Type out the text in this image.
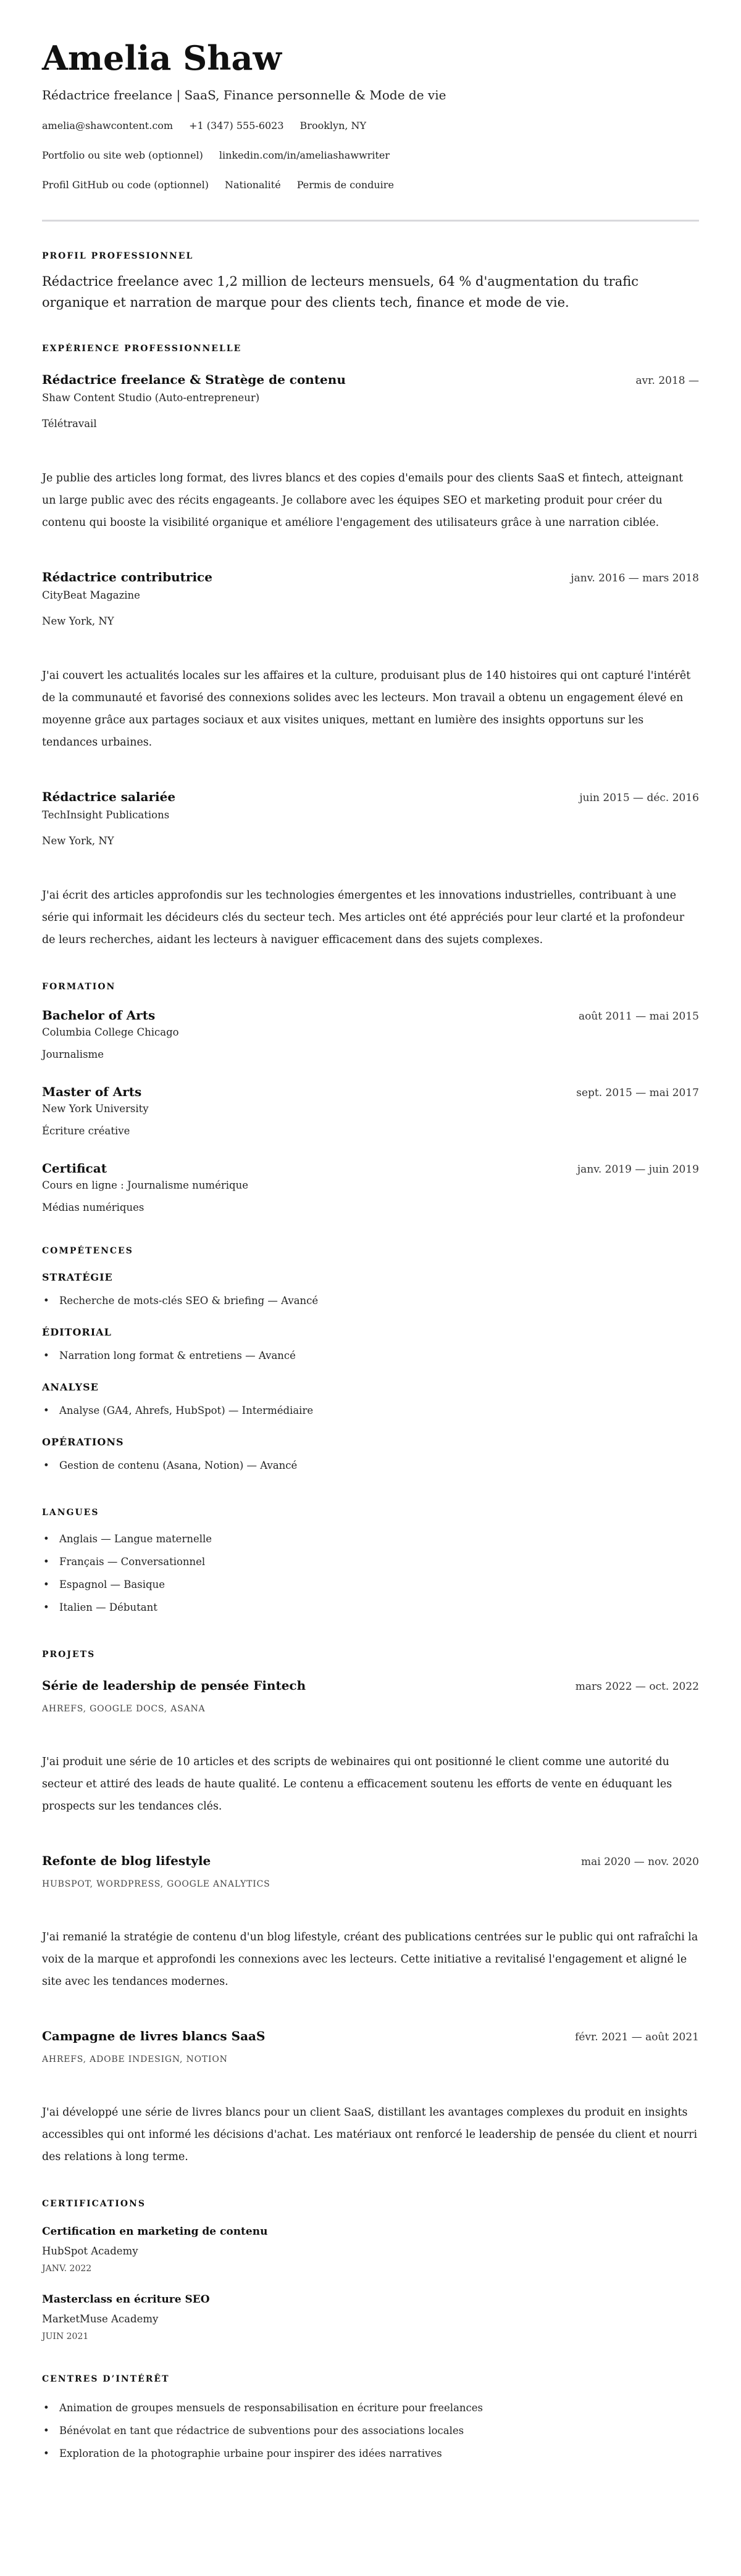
Amelia Shaw
Rédactrice freelance | SaaS, Finance personnelle & Mode de vie
amelia@shawcontent.com +1 (347) 555-6023 Brooklyn, NY
Portfolio ou site web (optionnel) linkedin.com/in/ameliashawwriter
Profil GitHub ou code (optionnel) Nationalité Permis de conduire
PROFIL PROFESSIONNEL

Rédactrice freelance avec 1,2 million de lecteurs mensuels, 64 % d'augmentation du trafic organique et narration de marque pour des clients tech, finance et mode de vie.

EXPÉRIENCE PROFESSIONNELLE
Rédactrice freelance & Stratège de contenu	avr. 2018 —
Shaw Content Studio (Auto-entrepreneur)
Télétravail

Je publie des articles long format, des livres blancs et des copies d'emails pour des clients SaaS et fintech, atteignant un large public avec des récits engageants. Je collabore avec les équipes SEO et marketing produit pour créer du contenu qui booste la visibilité organique et améliore l'engagement des utilisateurs grâce à une narration ciblée.

Rédactrice contributrice	janv. 2016 — mars 2018
CityBeat Magazine
New York, NY

J'ai couvert les actualités locales sur les affaires et la culture, produisant plus de 140 histoires qui ont capturé l'intérêt de la communauté et favorisé des connexions solides avec les lecteurs. Mon travail a obtenu un engagement élevé en moyenne grâce aux partages sociaux et aux visites uniques, mettant en lumière des insights opportuns sur les tendances urbaines.

Rédactrice salariée	juin 2015 — déc. 2016
TechInsight Publications
New York, NY

J'ai écrit des articles approfondis sur les technologies émergentes et les innovations industrielles, contribuant à une série qui informait les décideurs clés du secteur tech. Mes articles ont été appréciés pour leur clarté et la profondeur de leurs recherches, aidant les lecteurs à naviguer efficacement dans des sujets complexes.

FORMATION
Bachelor of Arts	août 2011 — mai 2015
Columbia College Chicago
Journalisme
Master of Arts	sept. 2015 — mai 2017
New York University
Écriture créative
Certificat	janv. 2019 — juin 2019
Cours en ligne : Journalisme numérique
Médias numériques
COMPÉTENCES
STRATÉGIE
• Recherche de mots-clés SEO & briefing — Avancé
ÉDITORIAL
• Narration long format & entretiens — Avancé
ANALYSE
• Analyse (GA4, Ahrefs, HubSpot) — Intermédiaire
OPÉRATIONS
• Gestion de contenu (Asana, Notion) — Avancé
LANGUES
• Anglais — Langue maternelle
• Français — Conversationnel
• Espagnol — Basique
• Italien — Débutant
PROJETS
Série de leadership de pensée Fintech	mars 2022 — oct. 2022
AHREFS, GOOGLE DOCS, ASANA

J'ai produit une série de 10 articles et des scripts de webinaires qui ont positionné le client comme une autorité du secteur et attiré des leads de haute qualité. Le contenu a efficacement soutenu les efforts de vente en éduquant les prospects sur les tendances clés.

Refonte de blog lifestyle	mai 2020 — nov. 2020
HUBSPOT, WORDPRESS, GOOGLE ANALYTICS

J'ai remanié la stratégie de contenu d'un blog lifestyle, créant des publications centrées sur le public qui ont rafraîchi la voix de la marque et approfondi les connexions avec les lecteurs. Cette initiative a revitalisé l'engagement et aligné le site avec les tendances modernes.

Campagne de livres blancs SaaS	févr. 2021 — août 2021
AHREFS, ADOBE INDESIGN, NOTION

J'ai développé une série de livres blancs pour un client SaaS, distillant les avantages complexes du produit en insights accessibles qui ont informé les décisions d'achat. Les matériaux ont renforcé le leadership de pensée du client et nourri des relations à long terme.

CERTIFICATIONS
Certification en marketing de contenu
HubSpot Academy
JANV. 2022
Masterclass en écriture SEO
MarketMuse Academy
JUIN 2021
CENTRES D’INTÉRÊT
• Animation de groupes mensuels de responsabilisation en écriture pour freelances
• Bénévolat en tant que rédactrice de subventions pour des associations locales
• Exploration de la photographie urbaine pour inspirer des idées narratives
